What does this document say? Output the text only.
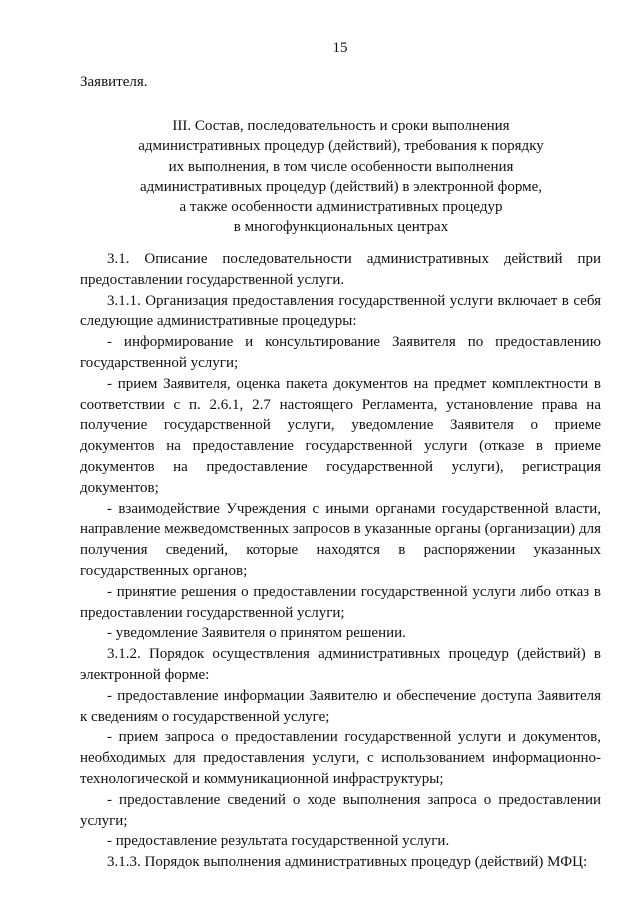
15
Заявителя.
III. Состав, последовательность и сроки выполнения
административных процедур (действий), требования к порядку
их выполнения, в том числе особенности выполнения
административных процедур (действий) в электронной форме,
а также особенности административных процедур
в многофункциональных центрах

3.1. Описание последовательности административных действий при предоставлении государственной услуги.

3.1.1. Организация предоставления государственной услуги включает в себя следующие административные процедуры:

- информирование и консультирование Заявителя по предоставлению государственной услуги;

- прием Заявителя, оценка пакета документов на предмет комплектности в соответствии с п. 2.6.1, 2.7 настоящего Регламента, установление права на получение государственной услуги, уведомление Заявителя о приеме документов на предоставление государственной услуги (отказе в приеме документов на предоставление государственной услуги), регистрация документов;

- взаимодействие Учреждения с иными органами государственной власти, направление межведомственных запросов в указанные органы (организации) для получения сведений, которые находятся в распоряжении указанных государственных органов;

- принятие решения о предоставлении государственной услуги либо отказ в предоставлении государственной услуги;

- уведомление Заявителя о принятом решении.

3.1.2. Порядок осуществления административных процедур (действий) в электронной форме:

- предоставление информации Заявителю и обеспечение доступа Заявителя к сведениям о государственной услуге;

- прием запроса о предоставлении государственной услуги и документов, необходимых для предоставления услуги, с использованием информационно-технологической и коммуникационной инфраструктуры;

- предоставление сведений о ходе выполнения запроса о предоставлении услуги;

- предоставление результата государственной услуги.

3.1.3. Порядок выполнения административных процедур (действий) МФЦ:
